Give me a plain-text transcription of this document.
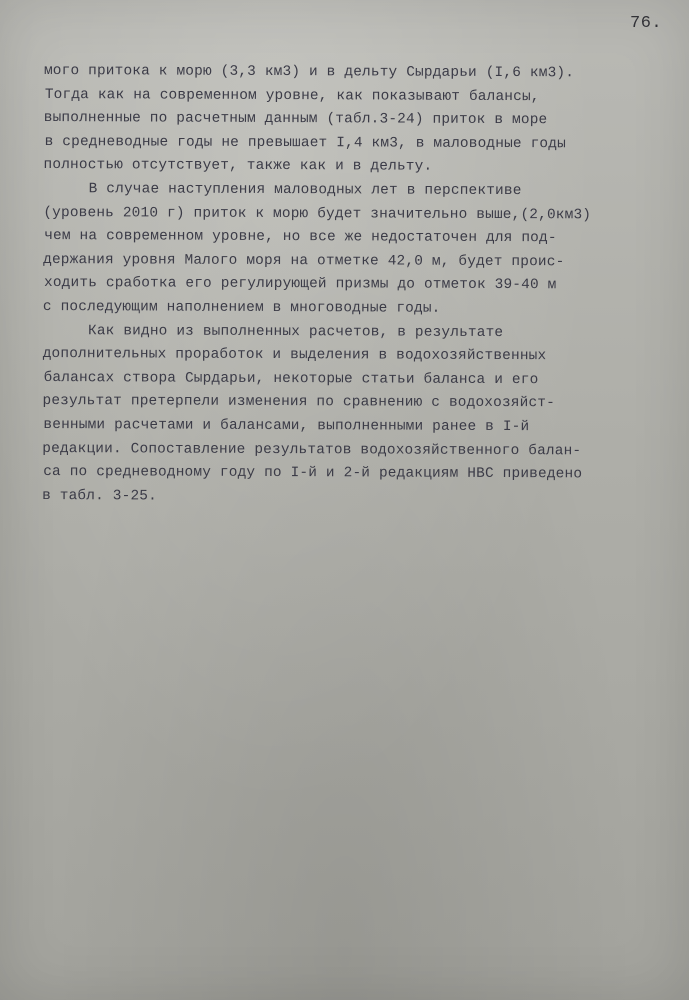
76.
мого притока к морю (3,3 км3) и в дельту Сырдарьи (I,6 км3).
Тогда как на современном уровне, как показывают балансы,
выполненные по расчетным данным (табл.3-24) приток в море
в средневодные годы не превышает I,4 км3, в маловодные годы
полностью отсутствует, также как и в дельту.
В случае наступления маловодных лет в перспективе
(уровень 2010 г) приток к морю будет значительно выше,(2,0км3)
чем на современном уровне, но все же недостаточен для под-
держания уровня Малого моря на отметке 42,0 м, будет проис-
ходить сработка его регулирующей призмы до отметок 39-40 м
с последующим наполнением в многоводные годы.
Как видно из выполненных расчетов, в результате
дополнительных проработок и выделения в водохозяйственных
балансах створа Сырдарьи, некоторые статьи баланса и его
результат претерпели изменения по сравнению с водохозяйст-
венными расчетами и балансами, выполненными ранее в I-й
редакции. Сопоставление результатов водохозяйственного балан-
са по средневодному году по I-й и 2-й редакциям НВС приведено
в табл. 3-25.
